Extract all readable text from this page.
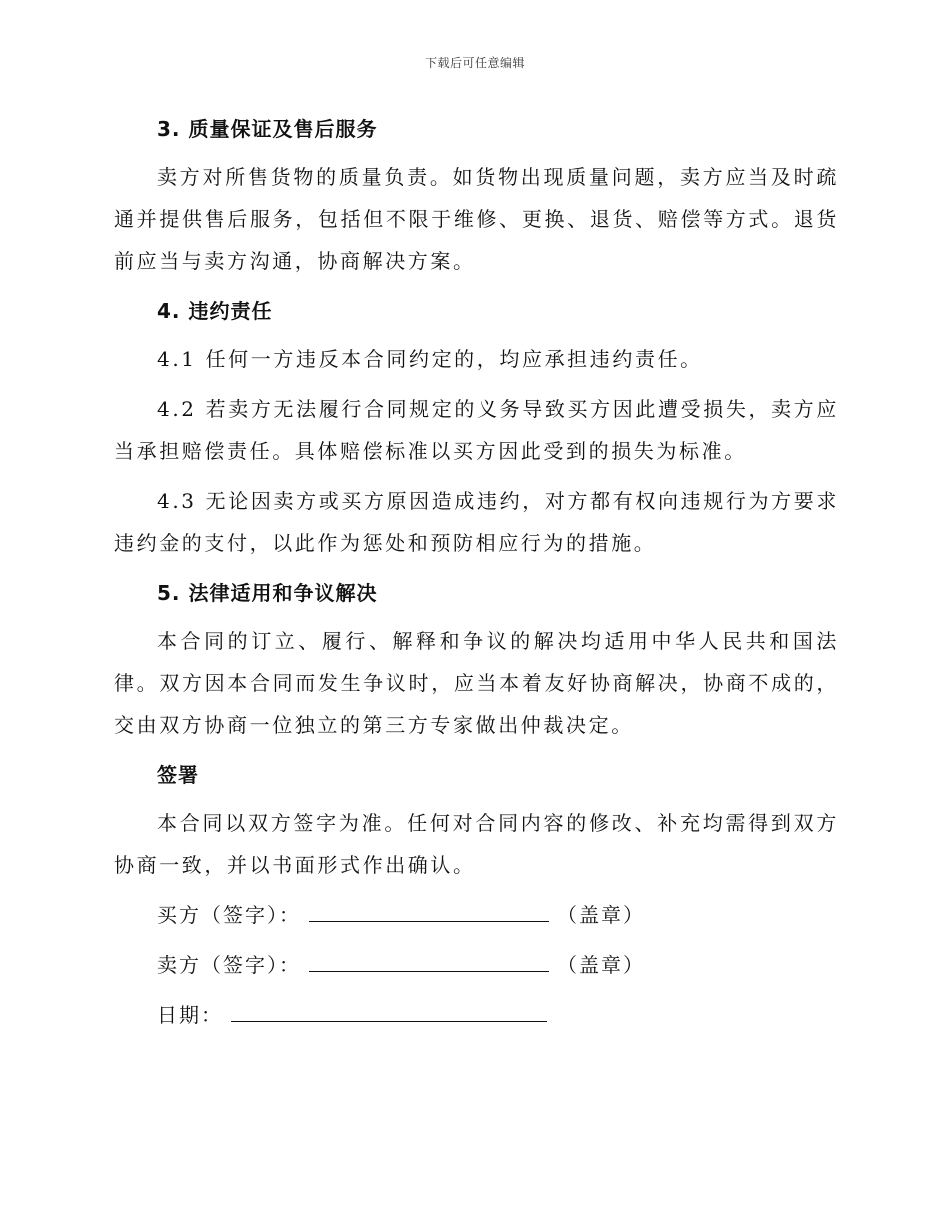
下载后可任意编辑
3. 质量保证及售后服务
卖方对所售货物的质量负责。如货物出现质量问题，卖方应当及时疏通并提供售后服务，包括但不限于维修、更换、退货、赔偿等方式。退货前应当与卖方沟通，协商解决方案。
4. 违约责任
4.1 任何一方违反本合同约定的，均应承担违约责任。
4.2 若卖方无法履行合同规定的义务导致买方因此遭受损失，卖方应当承担赔偿责任。具体赔偿标准以买方因此受到的损失为标准。
4.3 无论因卖方或买方原因造成违约，对方都有权向违规行为方要求违约金的支付，以此作为惩处和预防相应行为的措施。
5. 法律适用和争议解决
本合同的订立、履行、解释和争议的解决均适用中华人民共和国法律。双方因本合同而发生争议时，应当本着友好协商解决，协商不成的，交由双方协商一位独立的第三方专家做出仲裁决定。
签署
本合同以双方签字为准。任何对合同内容的修改、补充均需得到双方协商一致，并以书面形式作出确认。
买方（签字）：	（盖章）
卖方（签字）：	（盖章）
日期：
